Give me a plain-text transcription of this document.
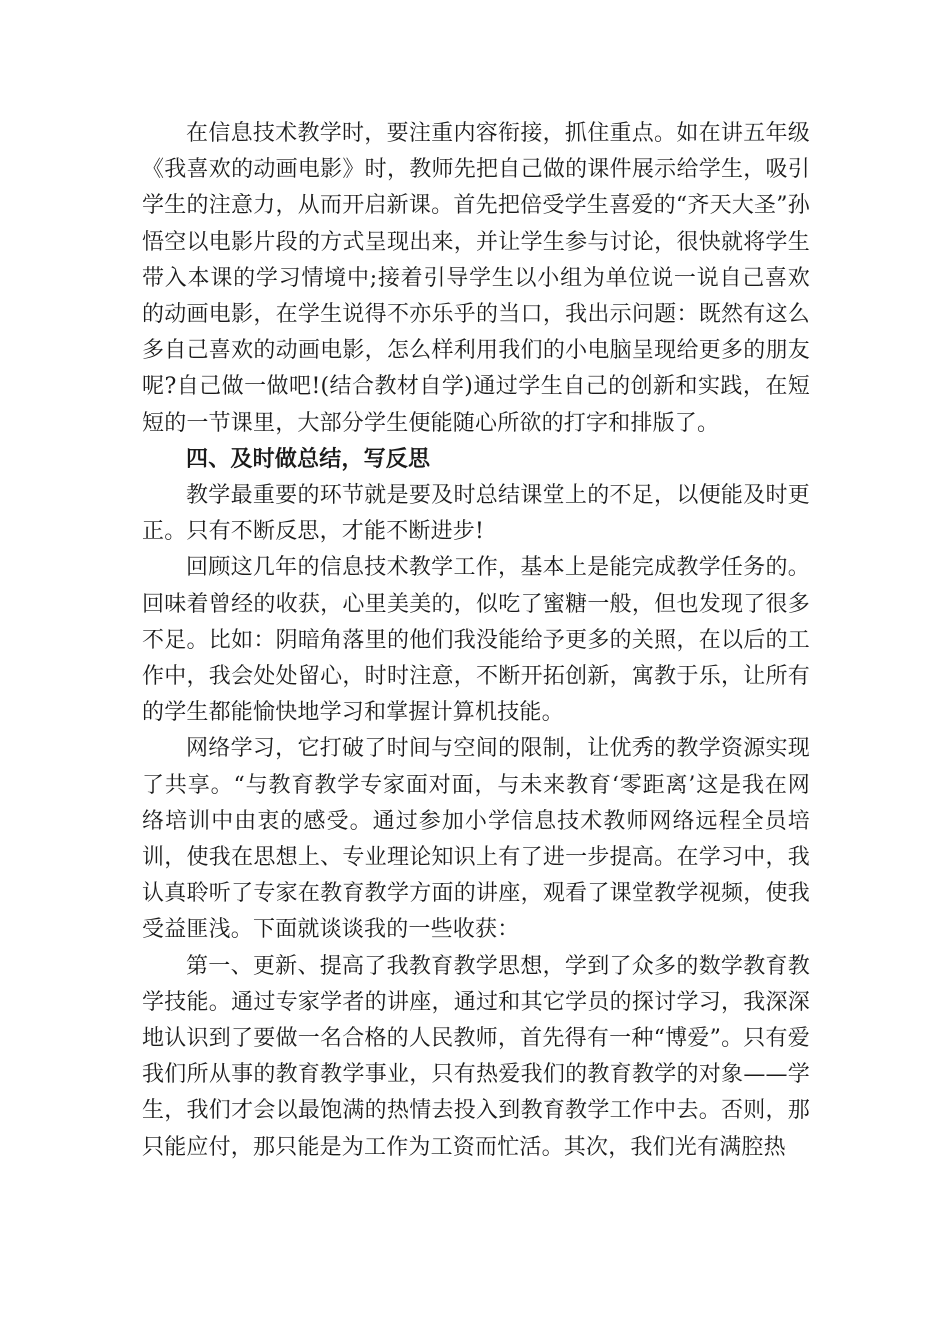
在信息技术教学时，要注重内容衔接，抓住重点。如在讲五年级《我喜欢的动画电影》时，教师先把自己做的课件展示给学生，吸引学生的注意力，从而开启新课。首先把倍受学生喜爱的“齐天大圣”孙悟空以电影片段的方式呈现出来，并让学生参与讨论，很快就将学生带入本课的学习情境中;接着引导学生以小组为单位说一说自己喜欢的动画电影，在学生说得不亦乐乎的当口，我出示问题：既然有这么多自己喜欢的动画电影，怎么样利用我们的小电脑呈现给更多的朋友呢?自己做一做吧!(结合教材自学)通过学生自己的创新和实践，在短短的一节课里，大部分学生便能随心所欲的打字和排版了。

四、及时做总结，写反思

教学最重要的环节就是要及时总结课堂上的不足，以便能及时更正。只有不断反思，才能不断进步!

回顾这几年的信息技术教学工作，基本上是能完成教学任务的。回味着曾经的收获，心里美美的，似吃了蜜糖一般，但也发现了很多不足。比如：阴暗角落里的他们我没能给予更多的关照，在以后的工作中，我会处处留心，时时注意，不断开拓创新，寓教于乐，让所有的学生都能愉快地学习和掌握计算机技能。

网络学习，它打破了时间与空间的限制，让优秀的教学资源实现了共享。“与教育教学专家面对面，与未来教育‘零距离’这是我在网络培训中由衷的感受。通过参加小学信息技术教师网络远程全员培训，使我在思想上、专业理论知识上有了进一步提高。在学习中，我认真聆听了专家在教育教学方面的讲座，观看了课堂教学视频，使我受益匪浅。下面就谈谈我的一些收获：

第一、更新、提高了我教育教学思想，学到了众多的数学教育教学技能。通过专家学者的讲座，通过和其它学员的探讨学习，我深深地认识到了要做一名合格的人民教师，首先得有一种“博爱”。只有爱我们所从事的教育教学事业，只有热爱我们的教育教学的对象——学生，我们才会以最饱满的热情去投入到教育教学工作中去。否则，那只能应付，那只能是为工作为工资而忙活。其次，我们光有满腔热
